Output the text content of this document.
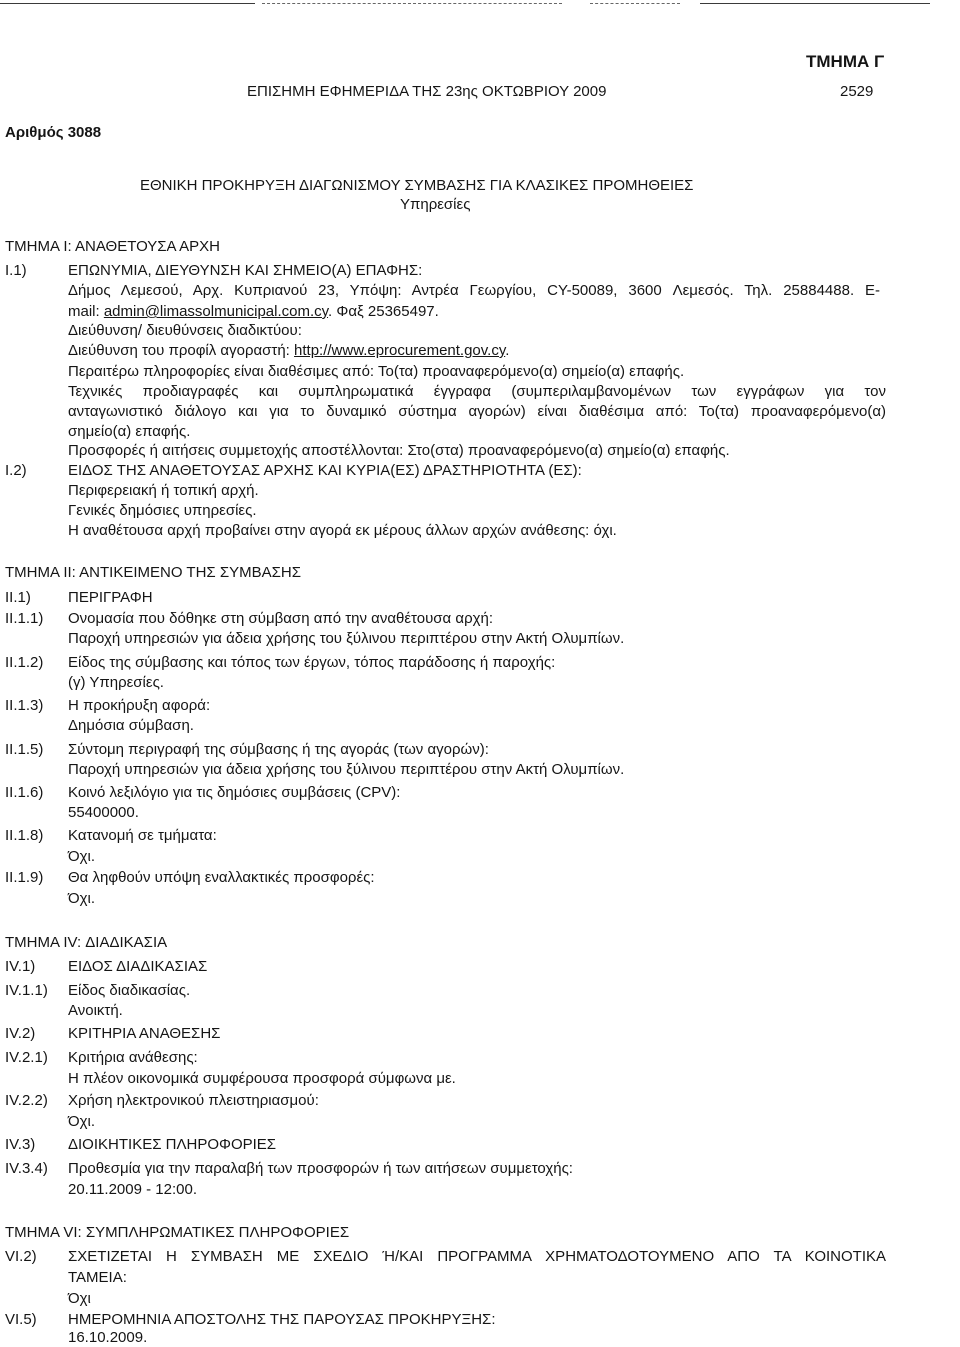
ΤΜΗΜΑ Γ
ΕΠΙΣΗΜΗ ΕΦΗΜΕΡΙΔΑ ΤΗΣ 23ης ΟΚΤΩΒΡΙΟΥ 2009	2529
Αριθμός 3088
ΕΘΝΙΚΗ ΠΡΟΚΗΡΥΞΗ ΔΙΑΓΩΝΙΣΜΟΥ ΣΥΜΒΑΣΗΣ ΓΙΑ ΚΛΑΣΙΚΕΣ ΠΡΟΜΗΘΕΙΕΣ
Υπηρεσίες
ΤΜΗΜΑ Ι: ΑΝΑΘΕΤΟΥΣΑ ΑΡΧΗ
I.1)	ΕΠΩΝΥΜΙΑ, ΔΙΕΥΘΥΝΣΗ ΚΑΙ ΣΗΜΕΙΟ(Α) ΕΠΑΦΗΣ:
Δήμος Λεμεσού, Αρχ. Κυπριανού 23, Υπόψη: Αντρέα Γεωργίου, CY-50089, 3600 Λεμεσός. Τηλ. 25884488. E-
mail: admin@limassolmunicipal.com.cy. Φαξ 25365497.
Διεύθυνση/ διευθύνσεις διαδικτύου:
Διεύθυνση του προφίλ αγοραστή: http://www.eprocurement.gov.cy.
Περαιτέρω πληροφορίες είναι διαθέσιμες από: Το(τα) προαναφερόμενο(α) σημείο(α) επαφής.
Τεχνικές προδιαγραφές και συμπληρωματικά έγγραφα (συμπεριλαμβανομένων των εγγράφων για τον
ανταγωνιστικό διάλογο και για το δυναμικό σύστημα αγορών) είναι διαθέσιμα από: Το(τα) προαναφερόμενο(α)
σημείο(α) επαφής.
Προσφορές ή αιτήσεις συμμετοχής αποστέλλονται: Στο(στα) προαναφερόμενο(α) σημείο(α) επαφής.
I.2)	ΕΙΔΟΣ ΤΗΣ ΑΝΑΘΕΤΟΥΣΑΣ ΑΡΧΗΣ ΚΑΙ ΚΥΡΙΑ(ΕΣ) ΔΡΑΣΤΗΡΙΟΤΗΤΑ (ΕΣ):
Περιφερειακή ή τοπική αρχή.
Γενικές δημόσιες υπηρεσίες.
Η αναθέτουσα αρχή προβαίνει στην αγορά εκ μέρους άλλων αρχών ανάθεσης: όχι.
ΤΜΗΜΑ ΙΙ: ΑΝΤΙΚΕΙΜΕΝΟ ΤΗΣ ΣΥΜΒΑΣΗΣ
II.1) ΠΕΡΙΓΡΑΦΗ
II.1.1) Ονομασία που δόθηκε στη σύμβαση από την αναθέτουσα αρχή:
Παροχή υπηρεσιών για άδεια χρήσης του ξύλινου περιπτέρου στην Ακτή Ολυμπίων.
II.1.2) Είδος της σύμβασης και τόπος των έργων, τόπος παράδοσης ή παροχής:
(γ) Υπηρεσίες.
II.1.3) Η προκήρυξη αφορά:
Δημόσια σύμβαση.
II.1.5) Σύντομη περιγραφή της σύμβασης ή της αγοράς (των αγορών):
Παροχή υπηρεσιών για άδεια χρήσης του ξύλινου περιπτέρου στην Ακτή Ολυμπίων.
II.1.6) Κοινό λεξιλόγιο για τις δημόσιες συμβάσεις (CPV):
55400000.
II.1.8) Κατανομή σε τμήματα:
Όχι.
II.1.9) Θα ληφθούν υπόψη εναλλακτικές προσφορές:
Όχι.
ΤΜΗΜΑ IV: ΔΙΑΔΙΚΑΣΙΑ
IV.1) ΕΙΔΟΣ ΔΙΑΔΙΚΑΣΙΑΣ
IV.1.1) Είδος διαδικασίας.
Ανοικτή.
IV.2) ΚΡΙΤΗΡΙΑ ΑΝΑΘΕΣΗΣ
IV.2.1) Κριτήρια ανάθεσης:
Η πλέον οικονομικά συμφέρουσα προσφορά σύμφωνα με.
IV.2.2) Χρήση ηλεκτρονικού πλειστηριασμού:
Όχι.
IV.3) ΔΙΟΙΚΗΤΙΚΕΣ ΠΛΗΡΟΦΟΡΙΕΣ
IV.3.4) Προθεσμία για την παραλαβή των προσφορών ή των αιτήσεων συμμετοχής:
20.11.2009 - 12:00.
ΤΜΗΜΑ VI: ΣΥΜΠΛΗΡΩΜΑΤΙΚΕΣ ΠΛΗΡΟΦΟΡΙΕΣ
VI.2) ΣΧΕΤΙΖΕΤΑΙ Η ΣΥΜΒΑΣΗ ΜΕ ΣΧΕΔΙΟ Ή/ΚΑΙ ΠΡΟΓΡΑΜΜΑ ΧΡΗΜΑΤΟΔΟΤΟΥΜΕΝΟ ΑΠΟ ΤΑ ΚΟΙΝΟΤΙΚΑ
ΤΑΜΕΙΑ:
Όχι
VI.5) ΗΜΕΡΟΜΗΝΙΑ ΑΠΟΣΤΟΛΗΣ ΤΗΣ ΠΑΡΟΥΣΑΣ ΠΡΟΚΗΡΥΞΗΣ:
16.10.2009.
